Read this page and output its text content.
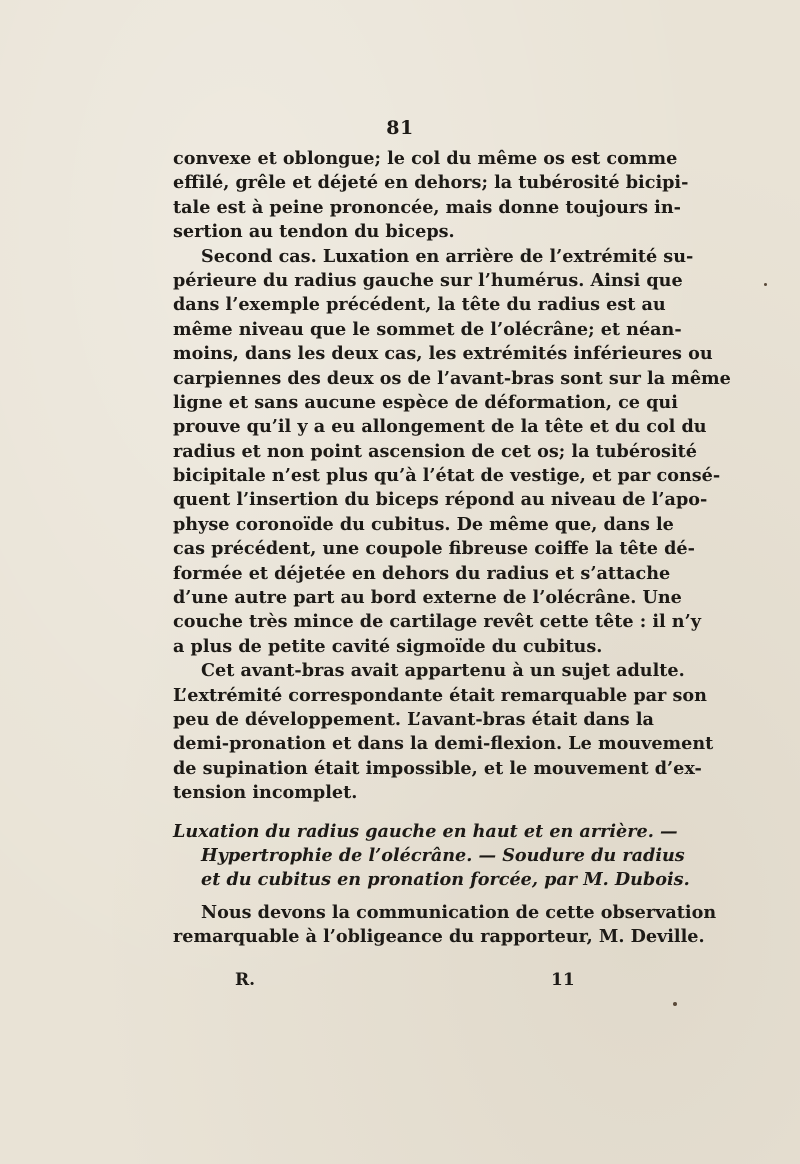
81
convexe et oblongue; le col du même os est comme
effilé, grêle et déjeté en dehors; la tubérosité bicipi-
tale est à peine prononcée, mais donne toujours in-
sertion au tendon du biceps.
Second cas. Luxation en arrière de l’extrémité su-
périeure du radius gauche sur l’humérus. Ainsi que
dans l’exemple précédent, la tête du radius est au
même niveau que le sommet de l’olécrâne; et néan-
moins, dans les deux cas, les extrémités inférieures ou
carpiennes des deux os de l’avant-bras sont sur la même
ligne et sans aucune espèce de déformation, ce qui
prouve qu’il y a eu allongement de la tête et du col du
radius et non point ascension de cet os; la tubérosité
bicipitale n’est plus qu’à l’état de vestige, et par consé-
quent l’insertion du biceps répond au niveau de l’apo-
physe coronoïde du cubitus. De même que, dans le
cas précédent, une coupole fibreuse coiffe la tête dé-
formée et déjetée en dehors du radius et s’attache
d’une autre part au bord externe de l’olécrâne. Une
couche très mince de cartilage revêt cette tête : il n’y
a plus de petite cavité sigmoïde du cubitus.
Cet avant-bras avait appartenu à un sujet adulte.
L’extrémité correspondante était remarquable par son
peu de développement. L’avant-bras était dans la
demi-pronation et dans la demi-flexion. Le mouvement
de supination était impossible, et le mouvement d’ex-
tension incomplet.
Luxation du radius gauche en haut et en arrière. —
Hypertrophie de l’olécrâne. — Soudure du radius
et du cubitus en pronation forcée, par M. Dubois.
Nous devons la communication de cette observation
remarquable à l’obligeance du rapporteur, M. Deville.
R.	11
